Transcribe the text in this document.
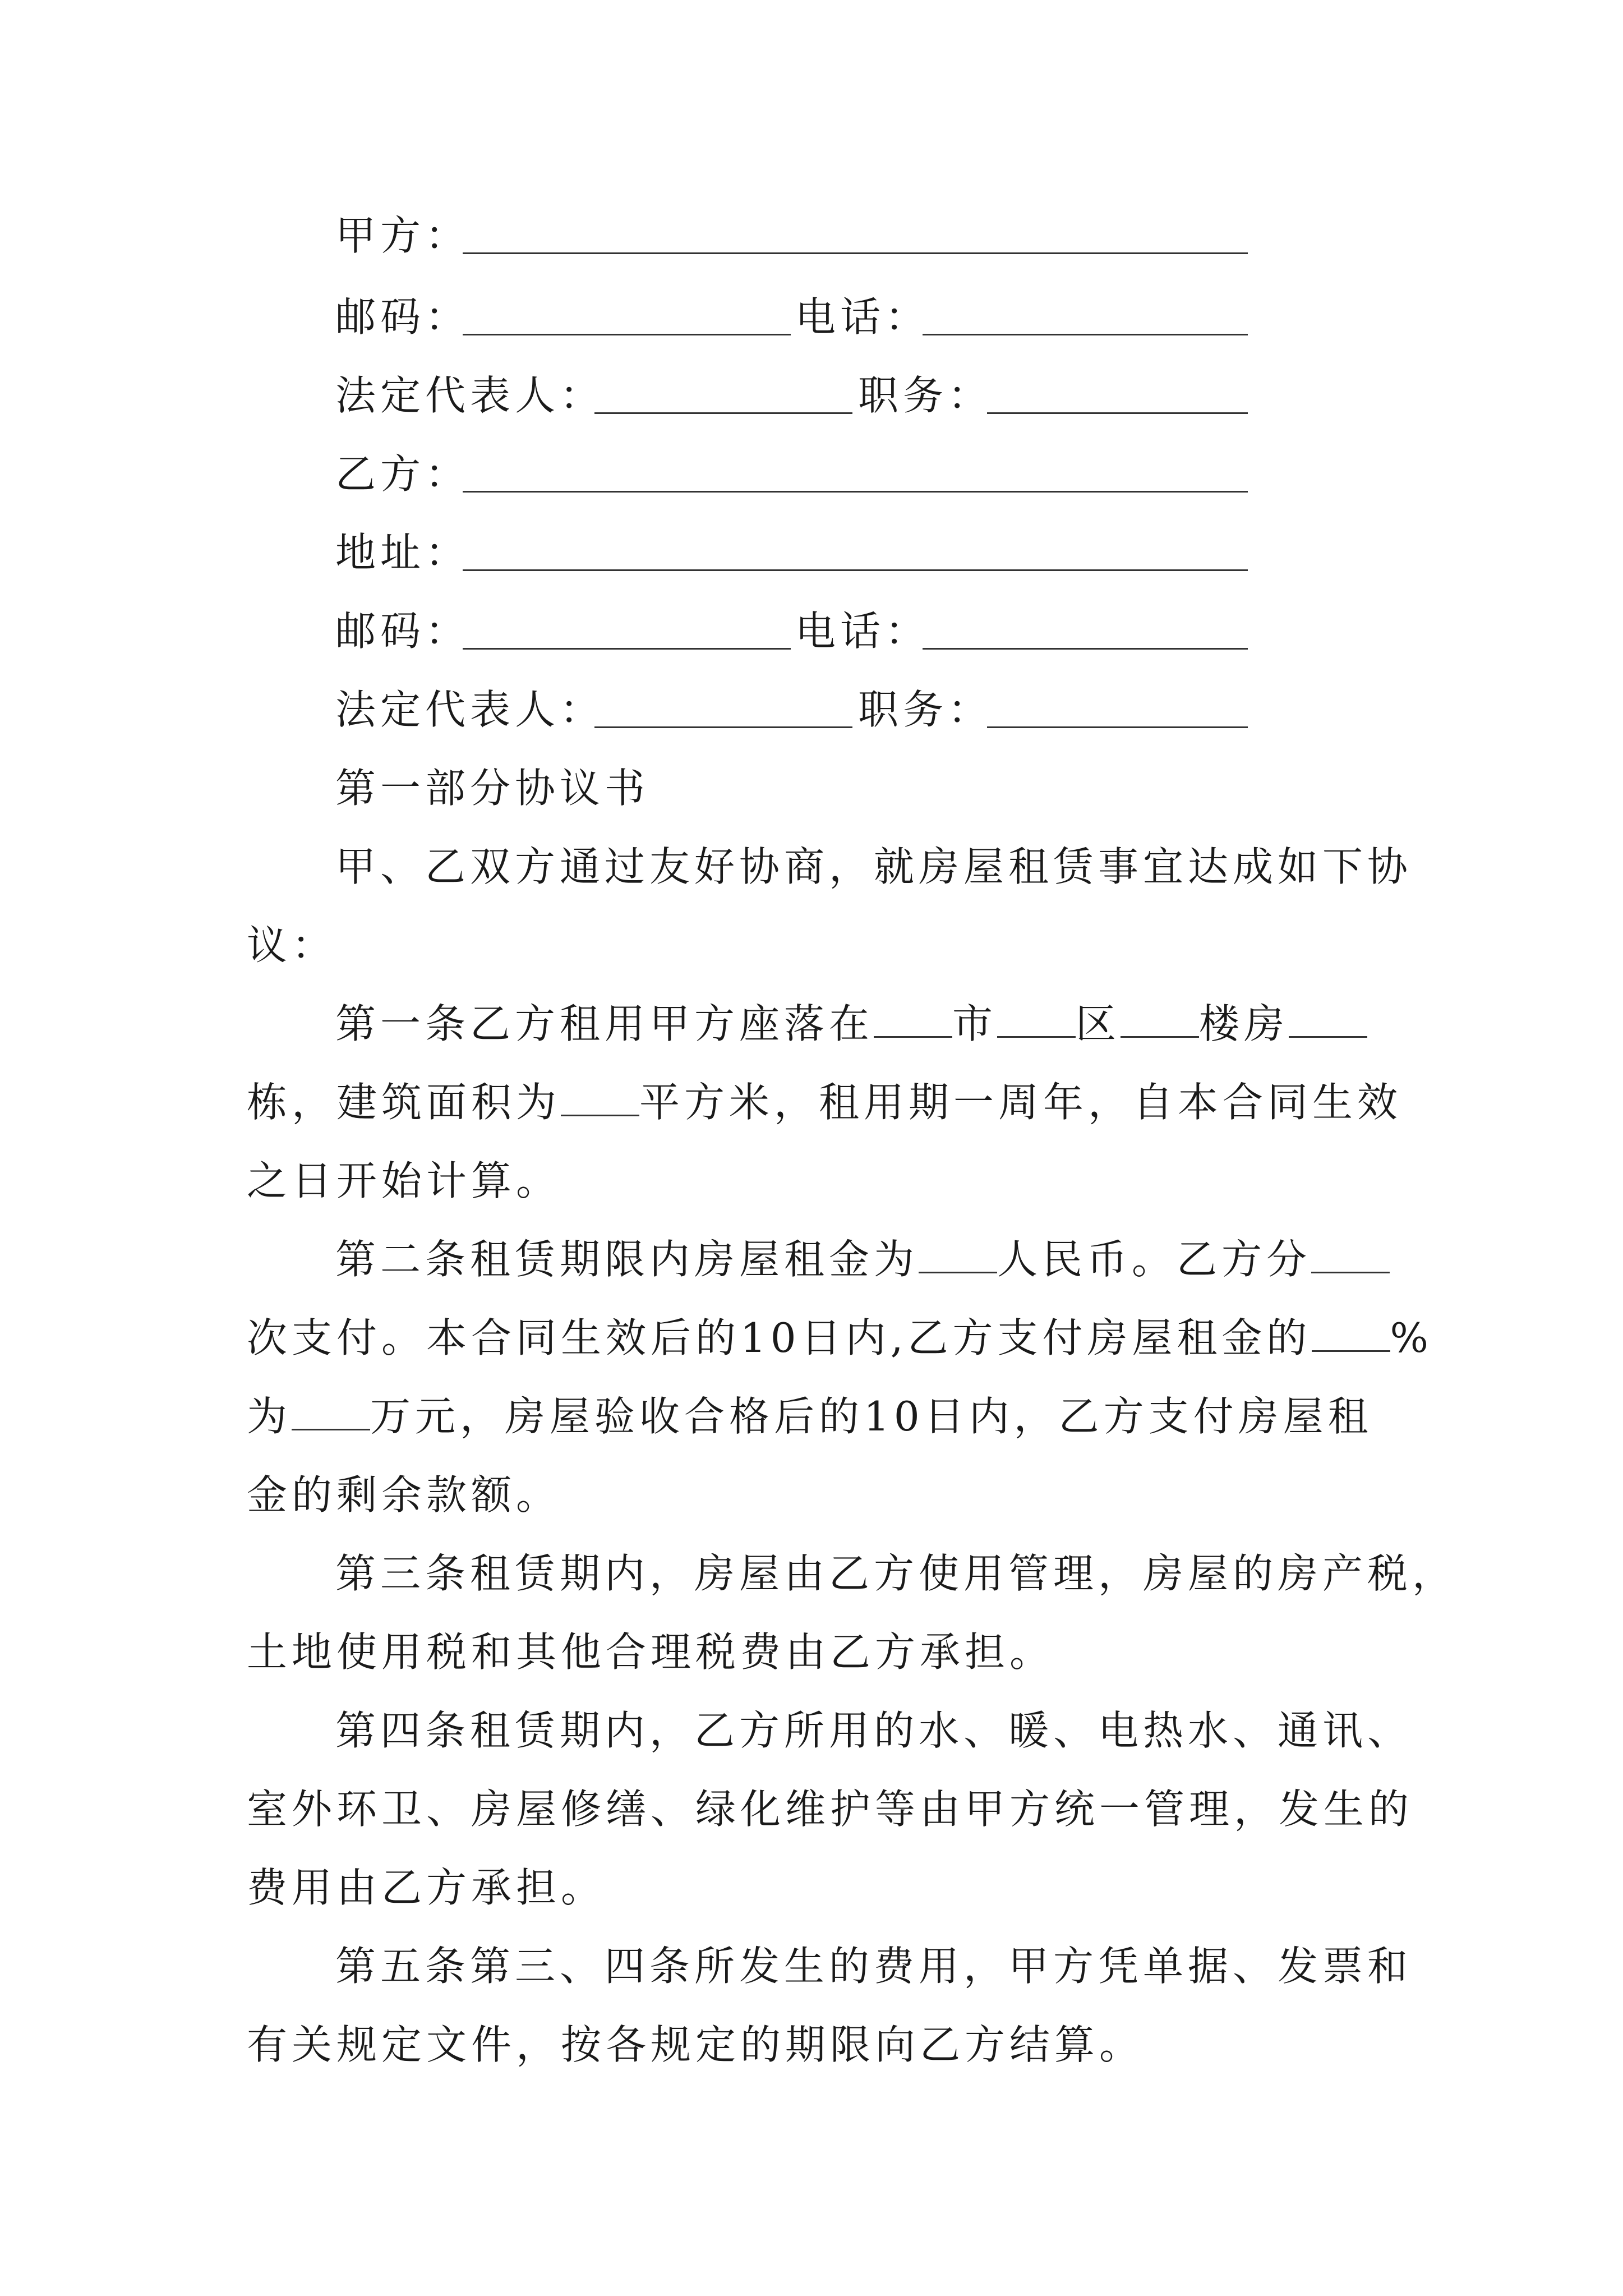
甲方：
邮码：	电话：
法定代表人：	职务：
乙方：
地址：
邮码：	电话：
法定代表人：	职务：
第一部分协议书
甲、乙双方通过友好协商，就房屋租赁事宜达成如下协
议：
第一条乙方租用甲方座落在 市 区 楼房
栋，建筑面积为 平方米，租用期一周年，自本合同生效
之日开始计算。
第二条租赁期限内房屋租金为 人民币。乙方分
次支付。本合同生效后的10日内,乙方支付房屋租金的 %
为 万元，房屋验收合格后的10日内，乙方支付房屋租
金的剩余款额。
第三条租赁期内，房屋由乙方使用管理，房屋的房产税，
土地使用税和其他合理税费由乙方承担。
第四条租赁期内，乙方所用的水、暖、电热水、通讯、
室外环卫、房屋修缮、绿化维护等由甲方统一管理，发生的
费用由乙方承担。
第五条第三、四条所发生的费用，甲方凭单据、发票和
有关规定文件，按各规定的期限向乙方结算。
